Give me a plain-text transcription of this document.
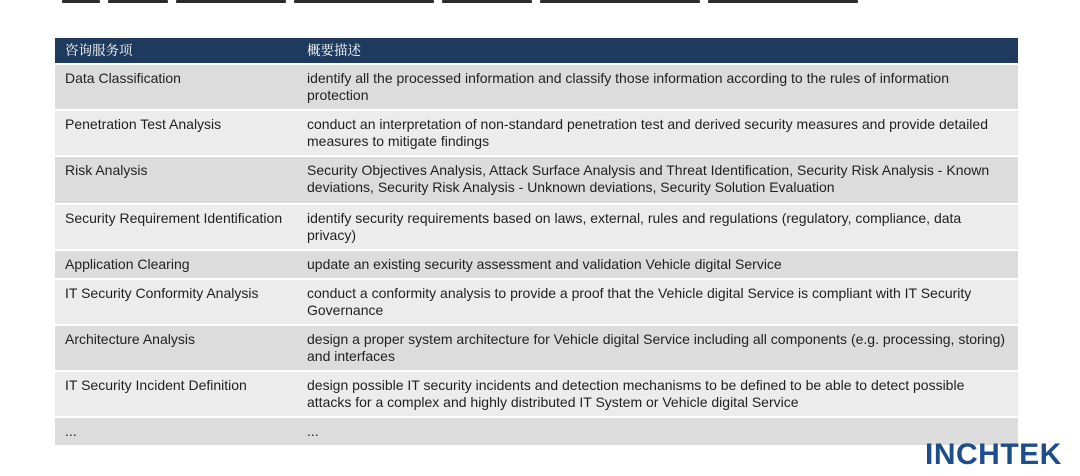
咨询服务项	概要描述
Data Classification	identify all the processed information and classify those information according to the rules of information protection
Penetration Test Analysis	conduct an interpretation of non-standard penetration test and derived security measures and provide detailed measures to mitigate findings
Risk Analysis	Security Objectives Analysis, Attack Surface Analysis and Threat Identification, Security Risk Analysis - Known deviations, Security Risk Analysis - Unknown deviations, Security Solution Evaluation
Security Requirement Identification	identify security requirements based on laws, external, rules and regulations (regulatory, compliance, data privacy)
Application Clearing	update an existing security assessment and validation Vehicle digital Service
IT Security Conformity Analysis	conduct a conformity analysis to provide a proof that the Vehicle digital Service is compliant with IT Security Governance
Architecture Analysis	design a proper system architecture for Vehicle digital Service including all components (e.g. processing, storing) and interfaces
IT Security Incident Definition	design possible IT security incidents and detection mechanisms to be defined to be able to detect possible attacks for a complex and highly distributed IT System or Vehicle digital Service
...	...
INCHTEK
